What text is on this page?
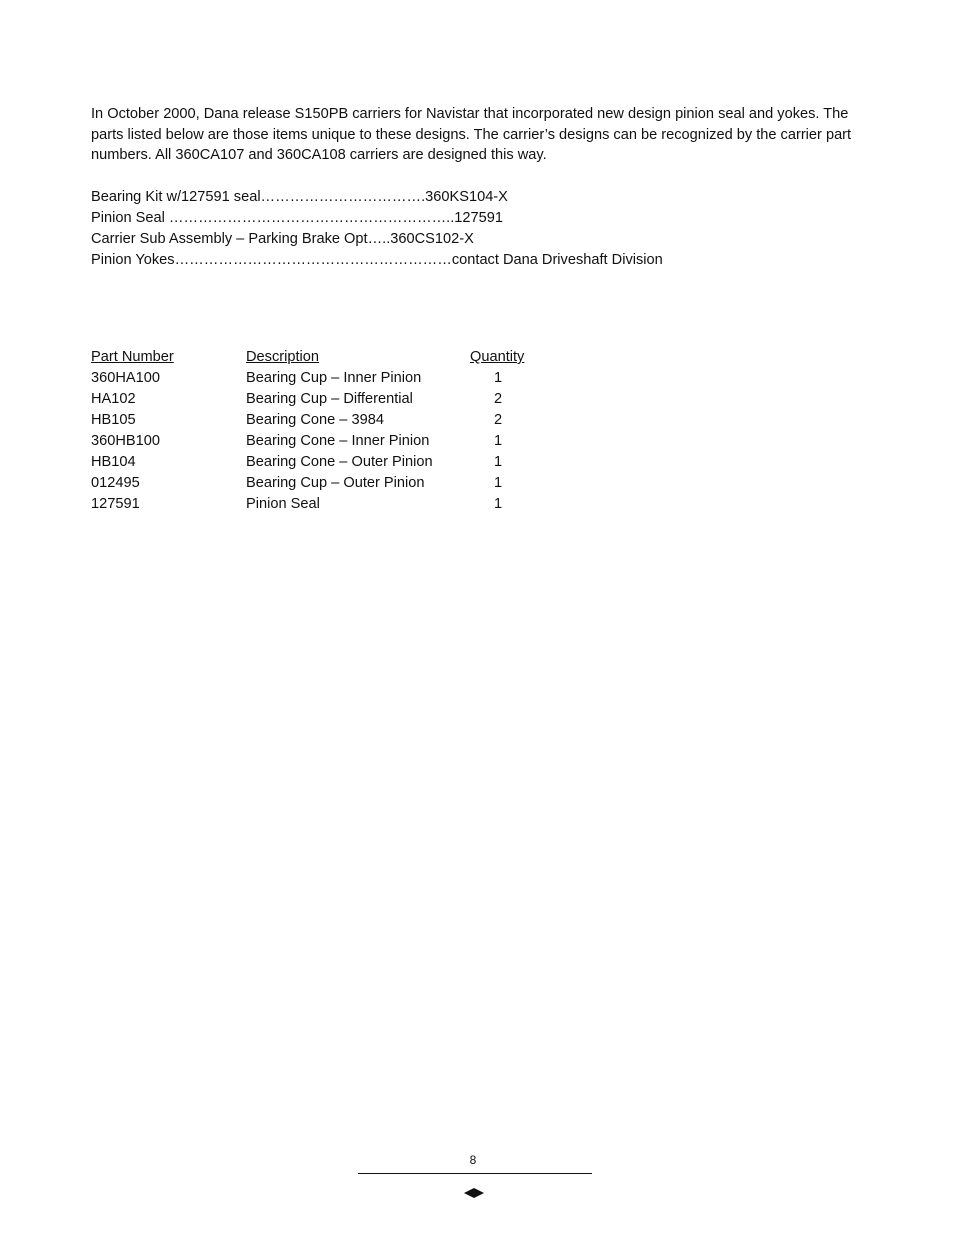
In October 2000, Dana release S150PB carriers for Navistar that incorporated new design pinion seal and yokes. The parts listed below are those items unique to these designs. The carrier’s designs can be recognized by the carrier part numbers. All 360CA107 and 360CA108 carriers are designed this way.

Bearing Kit w/127591 seal…………………………….360KS104-X
Pinion Seal …………………………………………………..127591
Carrier Sub Assembly – Parking Brake Opt…..360CS102-X
Pinion Yokes…………………………………………………contact Dana Driveshaft Division
Part Number	Description	Quantity
360HA100	Bearing Cup – Inner Pinion	1
HA102	Bearing Cup – Differential	2
HB105	Bearing Cone – 3984	2
360HB100	Bearing Cone – Inner Pinion	1
HB104	Bearing Cone – Outer Pinion	1
012495	Bearing Cup – Outer Pinion	1
127591	Pinion Seal	1
8
